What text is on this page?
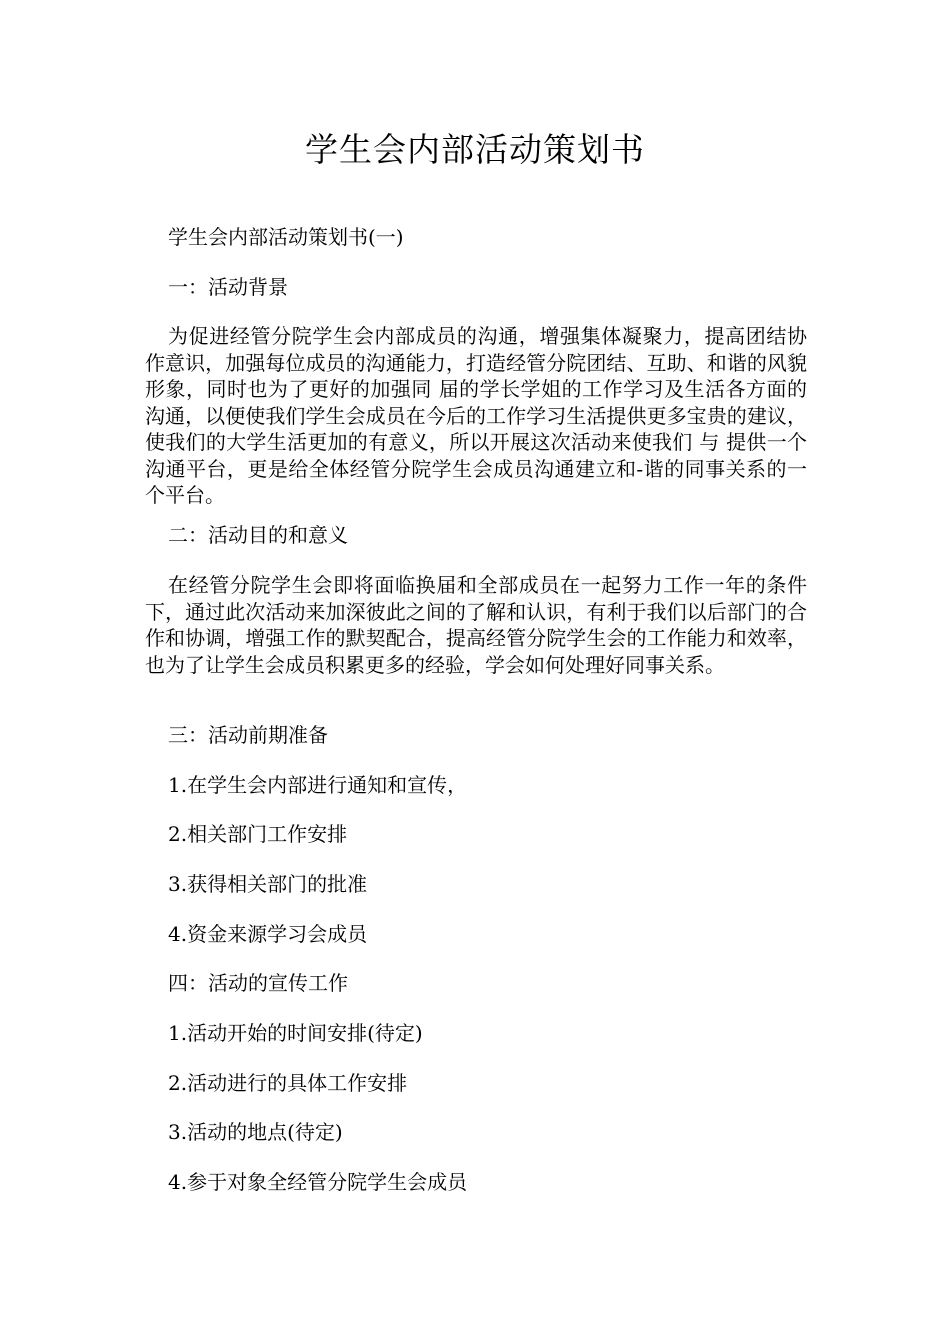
学生会内部活动策划书
学生会内部活动策划书(一)
一：活动背景
为促进经管分院学生会内部成员的沟通，增强集体凝聚力，提高团结协作意识，加强每位成员的沟通能力，打造经管分院团结、互助、和谐的风貌形象，同时也为了更好的加强同 届的学长学姐的工作学习及生活各方面的沟通，以便使我们学生会成员在今后的工作学习生活提供更多宝贵的建议，使我们的大学生活更加的有意义，所以开展这次活动来使我们 与 提供一个沟通平台，更是给全体经管分院学生会成员沟通建立和-谐的同事关系的一个平台。
二：活动目的和意义
在经管分院学生会即将面临换届和全部成员在一起努力工作一年的条件下，通过此次活动来加深彼此之间的了解和认识，有利于我们以后部门的合作和协调，增强工作的默契配合，提高经管分院学生会的工作能力和效率，也为了让学生会成员积累更多的经验，学会如何处理好同事关系。
三：活动前期准备
1.在学生会内部进行通知和宣传，
2.相关部门工作安排
3.获得相关部门的批准
4.资金来源学习会成员
四：活动的宣传工作
1.活动开始的时间安排(待定)
2.活动进行的具体工作安排
3.活动的地点(待定)
4.参于对象全经管分院学生会成员
